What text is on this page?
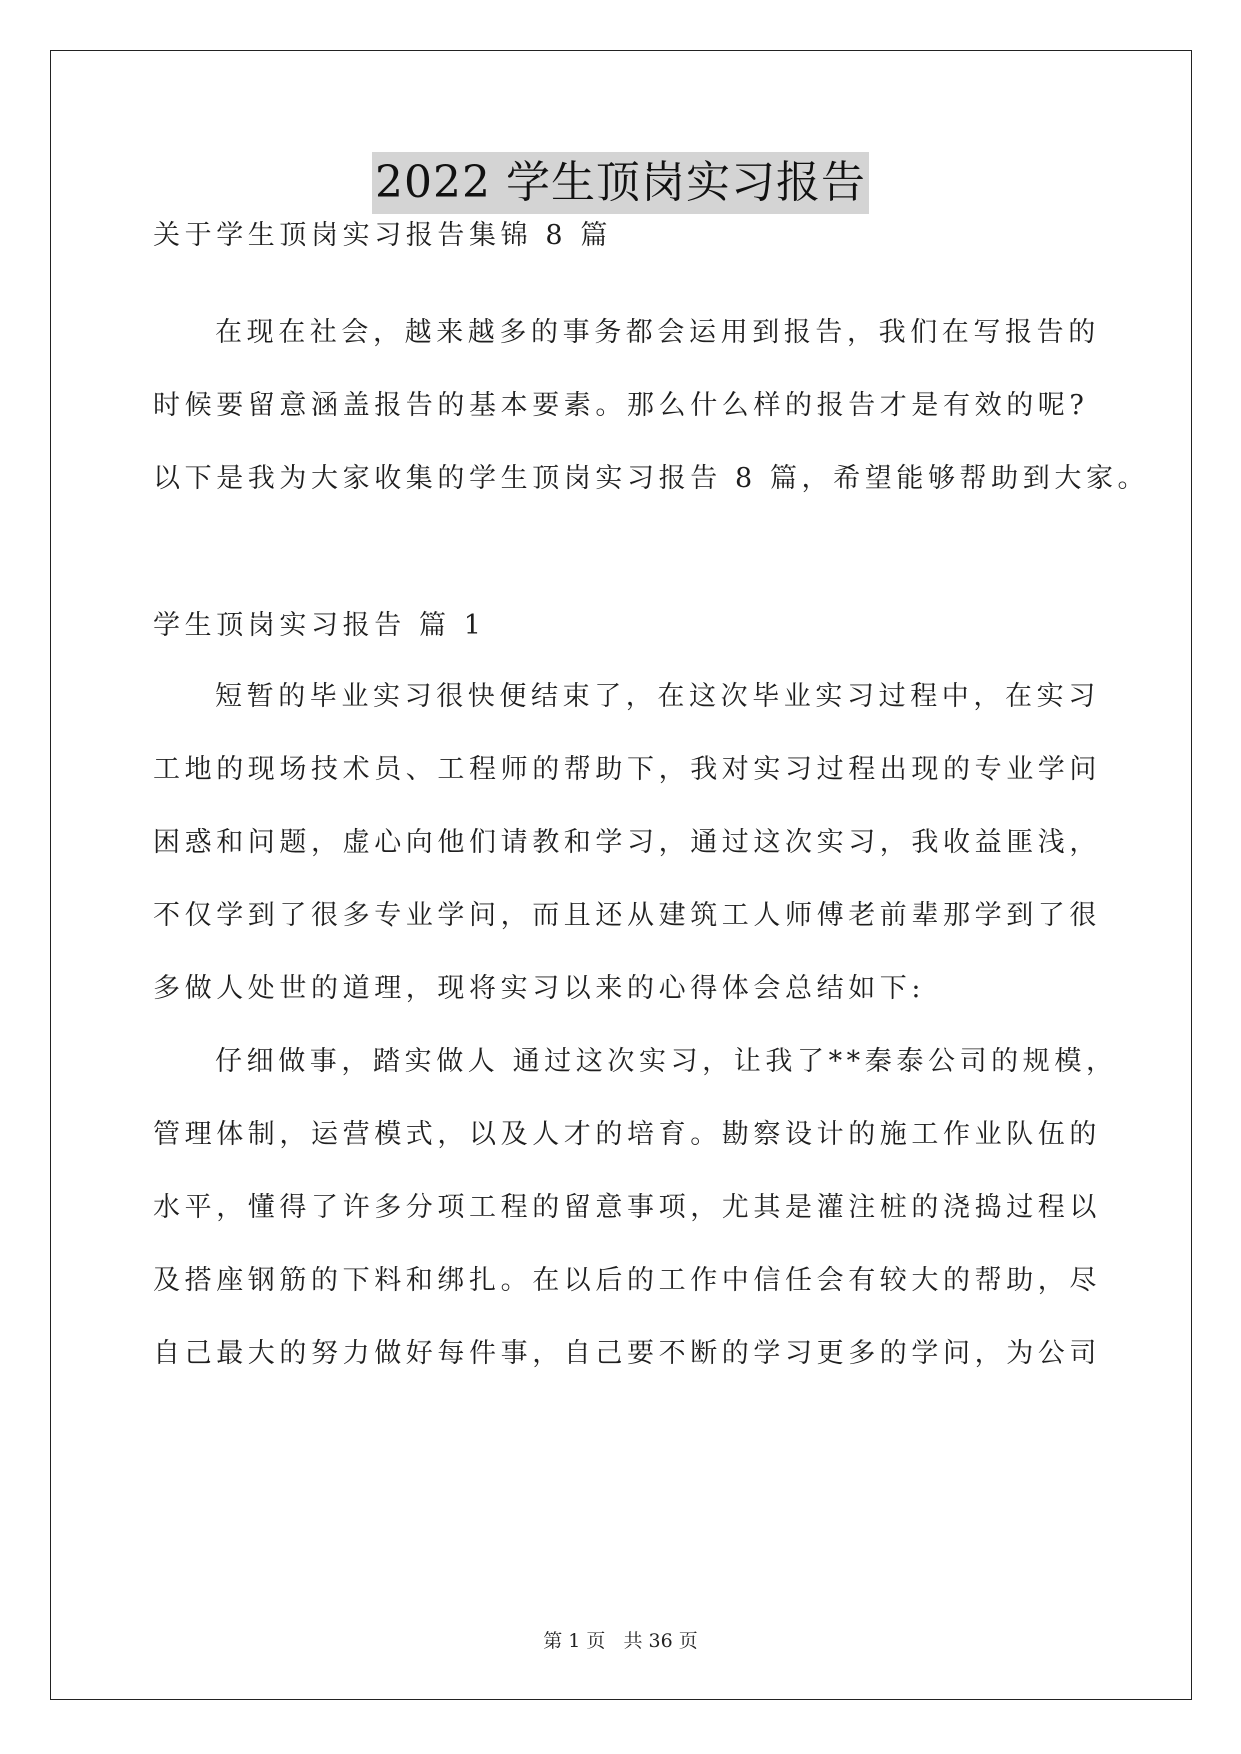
2022 学生顶岗实习报告
关于学生顶岗实习报告集锦 8 篇
在现在社会，越来越多的事务都会运用到报告，我们在写报告的
时候要留意涵盖报告的基本要素。那么什么样的报告才是有效的呢?
以下是我为大家收集的学生顶岗实习报告 8 篇，希望能够帮助到大家。
学生顶岗实习报告 篇 1
短暂的毕业实习很快便结束了，在这次毕业实习过程中，在实习
工地的现场技术员、工程师的帮助下，我对实习过程出现的专业学问
困惑和问题，虚心向他们请教和学习，通过这次实习，我收益匪浅，
不仅学到了很多专业学问，而且还从建筑工人师傅老前辈那学到了很
多做人处世的道理，现将实习以来的心得体会总结如下:
仔细做事，踏实做人 通过这次实习，让我了**秦泰公司的规模，
管理体制，运营模式，以及人才的培育。勘察设计的施工作业队伍的
水平，懂得了许多分项工程的留意事项，尤其是灌注桩的浇捣过程以
及搭座钢筋的下料和绑扎。在以后的工作中信任会有较大的帮助，尽
自己最大的努力做好每件事，自己要不断的学习更多的学问，为公司
第 1 页   共 36 页
